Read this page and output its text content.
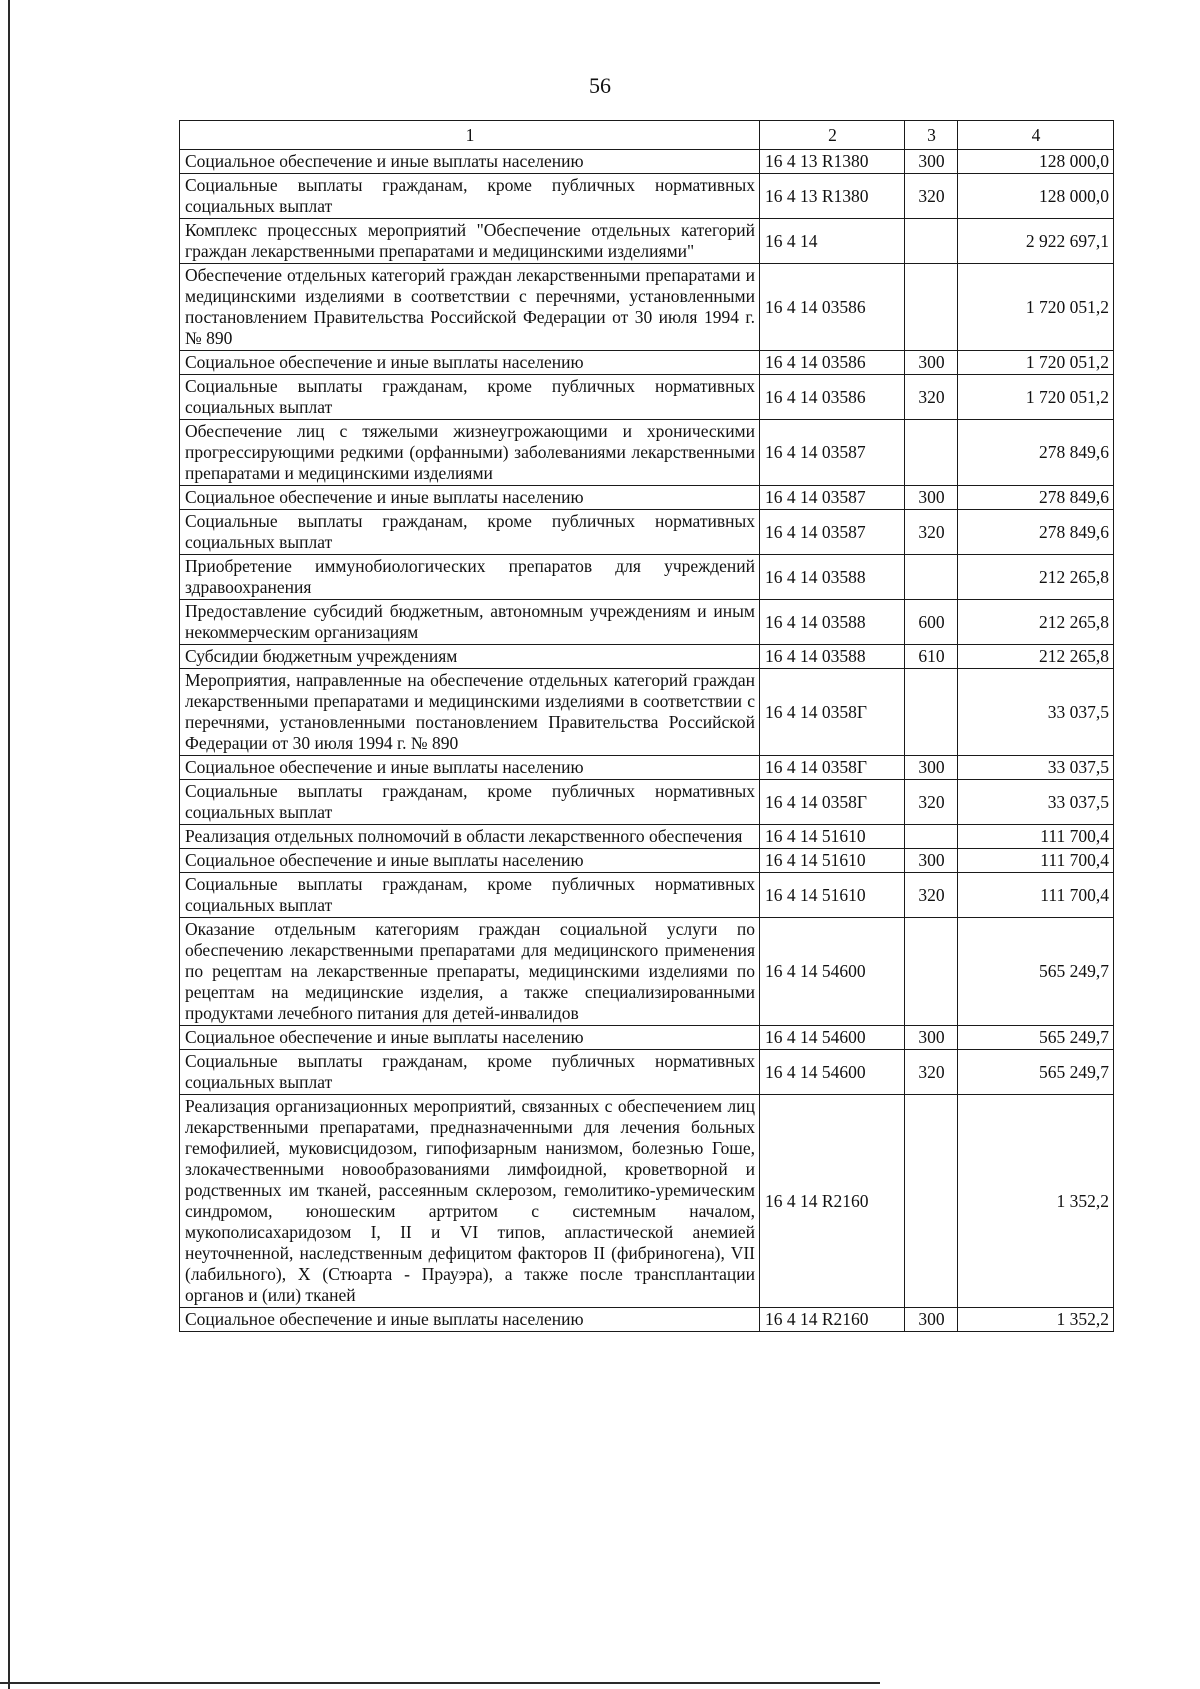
56
1	2	3	4
Социальное обеспечение и иные выплаты населению	16 4 13 R1380	300	128 000,0
Социальные выплаты гражданам, кроме публичных нормативных социальных выплат	16 4 13 R1380	320	128 000,0
Комплекс процессных мероприятий "Обеспечение отдельных категорий граждан лекарственными препаратами и медицинскими изделиями"	16 4 14		2 922 697,1
Обеспечение отдельных категорий граждан лекарственными препаратами и медицинскими изделиями в соответствии с перечнями, установленными постановлением Правительства Российской Федерации от 30 июля 1994 г. № 890	16 4 14 03586		1 720 051,2
Социальное обеспечение и иные выплаты населению	16 4 14 03586	300	1 720 051,2
Социальные выплаты гражданам, кроме публичных нормативных социальных выплат	16 4 14 03586	320	1 720 051,2
Обеспечение лиц с тяжелыми жизнеугрожающими и хроническими прогрессирующими редкими (орфанными) заболеваниями лекарственными препаратами и медицинскими изделиями	16 4 14 03587		278 849,6
Социальное обеспечение и иные выплаты населению	16 4 14 03587	300	278 849,6
Социальные выплаты гражданам, кроме публичных нормативных социальных выплат	16 4 14 03587	320	278 849,6
Приобретение иммунобиологических препаратов для учреждений здравоохранения	16 4 14 03588		212 265,8
Предоставление субсидий бюджетным, автономным учреждениям и иным некоммерческим организациям	16 4 14 03588	600	212 265,8
Субсидии бюджетным учреждениям	16 4 14 03588	610	212 265,8
Мероприятия, направленные на обеспечение отдельных категорий граждан лекарственными препаратами и медицинскими изделиями в соответствии с перечнями, установленными постановлением Правительства Российской Федерации от 30 июля 1994 г. № 890	16 4 14 0358Г		33 037,5
Социальное обеспечение и иные выплаты населению	16 4 14 0358Г	300	33 037,5
Социальные выплаты гражданам, кроме публичных нормативных социальных выплат	16 4 14 0358Г	320	33 037,5
Реализация отдельных полномочий в области лекарственного обеспечения	16 4 14 51610		111 700,4
Социальное обеспечение и иные выплаты населению	16 4 14 51610	300	111 700,4
Социальные выплаты гражданам, кроме публичных нормативных социальных выплат	16 4 14 51610	320	111 700,4
Оказание отдельным категориям граждан социальной услуги по обеспечению лекарственными препаратами для медицинского применения по рецептам на лекарственные препараты, медицинскими изделиями по рецептам на медицинские изделия, а также специализированными продуктами лечебного питания для детей-инвалидов	16 4 14 54600		565 249,7
Социальное обеспечение и иные выплаты населению	16 4 14 54600	300	565 249,7
Социальные выплаты гражданам, кроме публичных нормативных социальных выплат	16 4 14 54600	320	565 249,7
Реализация организационных мероприятий, связанных с обеспечением лиц лекарственными препаратами, предназначенными для лечения больных гемофилией, муковисцидозом, гипофизарным нанизмом, болезнью Гоше, злокачественными новообразованиями лимфоидной, кроветворной и родственных им тканей, рассеянным склерозом, гемолитико-уремическим синдромом, юношеским артритом с системным началом, мукополисахаридозом I, II и VI типов, апластической анемией неуточненной, наследственным дефицитом факторов II (фибриногена), VII (лабильного), X (Стюарта - Прауэра), а также после трансплантации органов и (или) тканей	16 4 14 R2160		1 352,2
Социальное обеспечение и иные выплаты населению	16 4 14 R2160	300	1 352,2
